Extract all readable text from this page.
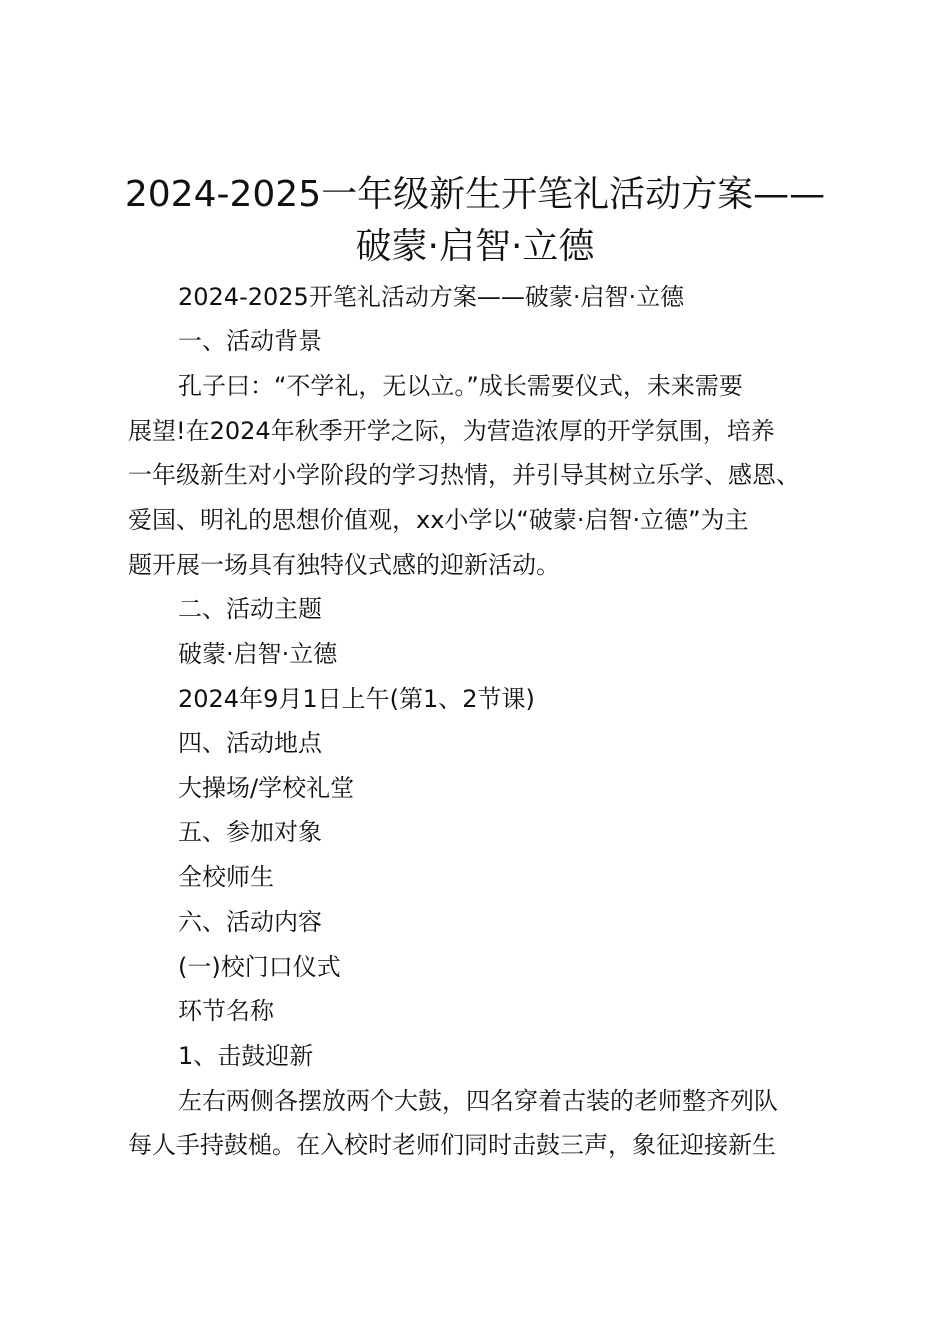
2024-2025一年级新生开笔礼活动方案——
破蒙·启智·立德
2024-2025开笔礼活动方案——破蒙·启智·立德
一、活动背景
孔子曰：“不学礼，无以立。”成长需要仪式，未来需要
展望!在2024年秋季开学之际，为营造浓厚的开学氛围，培养
一年级新生对小学阶段的学习热情，并引导其树立乐学、感恩、
爱国、明礼的思想价值观，xx小学以“破蒙·启智·立德”为主
题开展一场具有独特仪式感的迎新活动。
二、活动主题
破蒙·启智·立德
2024年9月1日上午(第1、2节课)
四、活动地点
大操场/学校礼堂
五、参加对象
全校师生
六、活动内容
(一)校门口仪式
环节名称
1、击鼓迎新
左右两侧各摆放两个大鼓，四名穿着古装的老师整齐列队
每人手持鼓槌。在入校时老师们同时击鼓三声，象征迎接新生
